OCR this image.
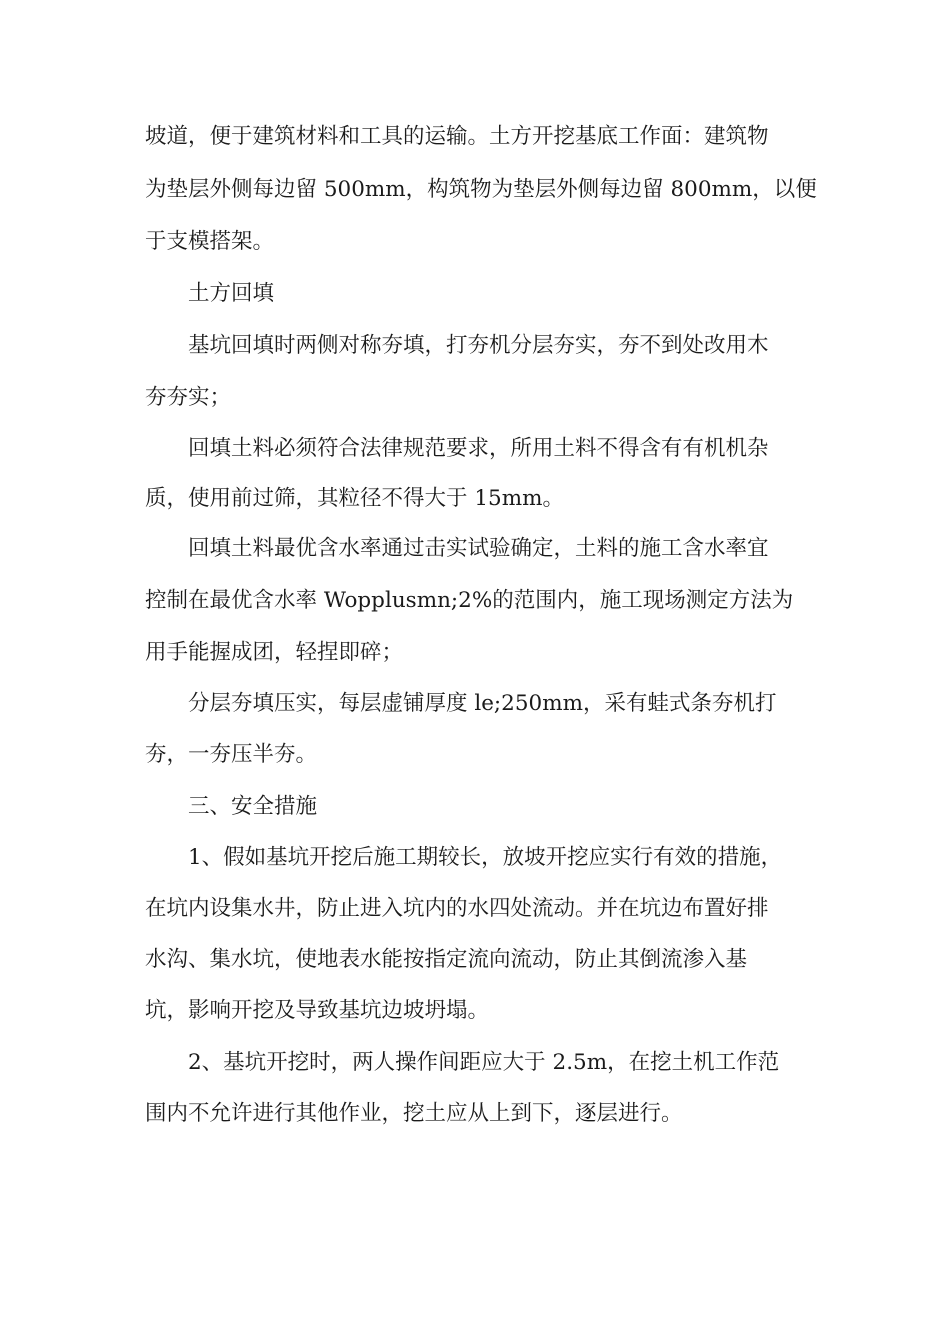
坡道，便于建筑材料和工具的运输。土方开挖基底工作面：建筑物
为垫层外侧每边留 500mm，构筑物为垫层外侧每边留 800mm，以便
于支模搭架。
土方回填
基坑回填时两侧对称夯填，打夯机分层夯实，夯不到处改用木
夯夯实；
回填土料必须符合法律规范要求，所用土料不得含有有机机杂
质，使用前过筛，其粒径不得大于 15mm。
回填土料最优含水率通过击实试验确定，土料的施工含水率宜
控制在最优含水率 Wopplusmn;2%的范围内，施工现场测定方法为
用手能握成团，轻捏即碎；
分层夯填压实，每层虚铺厚度 le;250mm，采有蛙式条夯机打
夯，一夯压半夯。
三、安全措施
1、假如基坑开挖后施工期较长，放坡开挖应实行有效的措施，
在坑内设集水井，防止进入坑内的水四处流动。并在坑边布置好排
水沟、集水坑，使地表水能按指定流向流动，防止其倒流渗入基
坑，影响开挖及导致基坑边坡坍塌。
2、基坑开挖时，两人操作间距应大于 2.5m，在挖土机工作范
围内不允许进行其他作业，挖土应从上到下，逐层进行。
